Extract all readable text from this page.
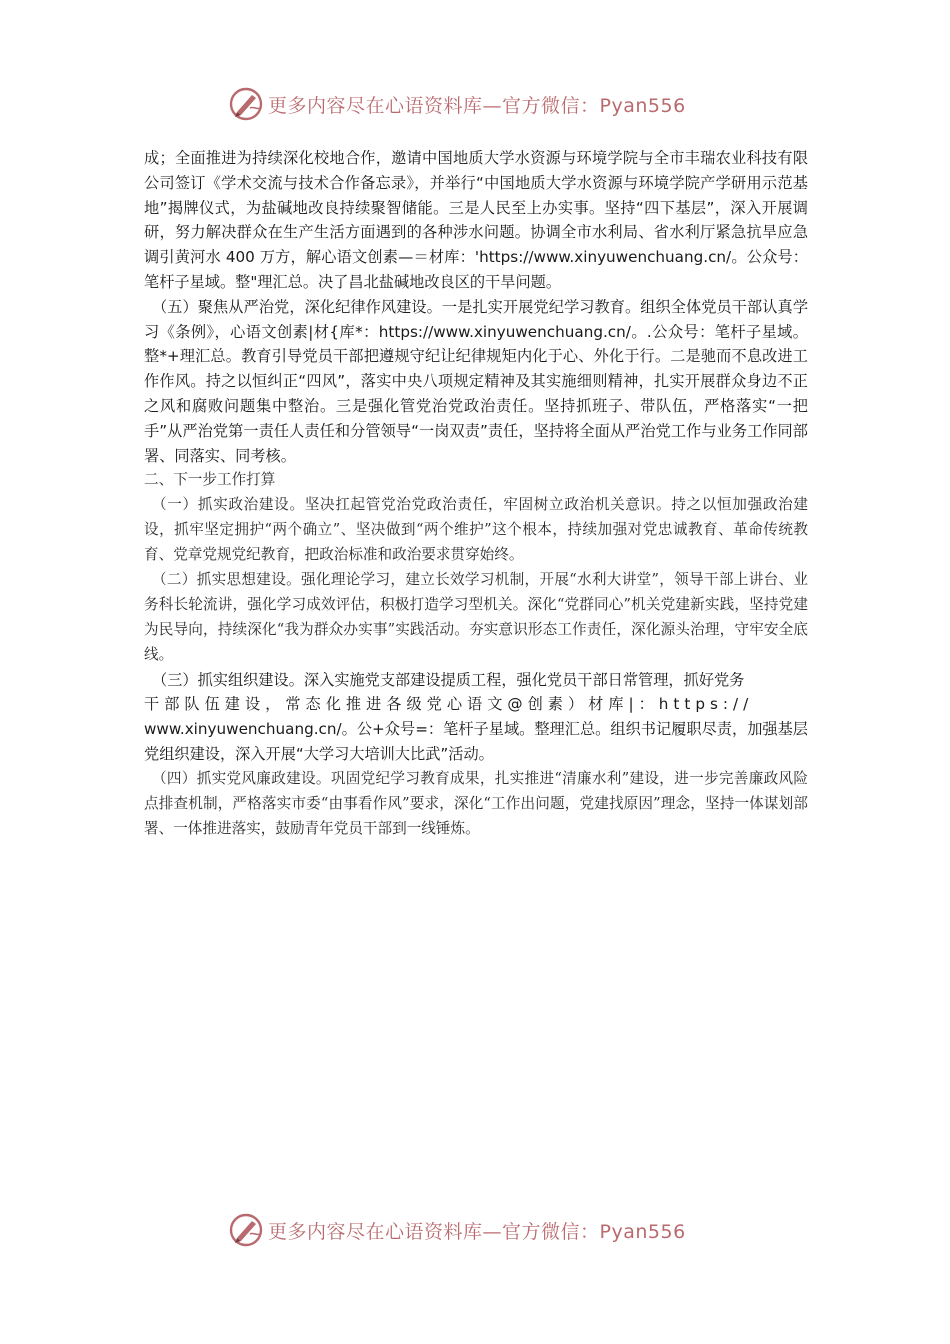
更多内容尽在心语资料库—官方微信：Pyan556

成；全面推进为持续深化校地合作，邀请中国地质大学水资源与环境学院与全市丰瑞农业科技有限公司签订《学术交流与技术合作备忘录》，并举行“中国地质大学水资源与环境学院产学研用示范基地”揭牌仪式，为盐碱地改良持续聚智储能。三是人民至上办实事。坚持“四下基层”，深入开展调研，努力解决群众在生产生活方面遇到的各种涉水问题。协调全市水利局、省水利厅紧急抗旱应急调引黄河水 400 万方，解心语文创素—＝材库：'https://www.xinyuwenchuang.cn/。公众号：笔杆子星域。整"理汇总。决了昌北盐碱地改良区的干旱问题。

（五）聚焦从严治党，深化纪律作风建设。一是扎实开展党纪学习教育。组织全体党员干部认真学习《条例》，心语文创素|材{库*：https://www.xinyuwenchuang.cn/。.公众号：笔杆子星域。整*+理汇总。教育引导党员干部把遵规守纪让纪律规矩内化于心、外化于行。二是驰而不息改进工作作风。持之以恒纠正“四风”，落实中央八项规定精神及其实施细则精神，扎实开展群众身边不正之风和腐败问题集中整治。三是强化管党治党政治责任。坚持抓班子、带队伍，严格落实“一把手”从严治党第一责任人责任和分管领导“一岗双责”责任，坚持将全面从严治党工作与业务工作同部署、同落实、同考核。

二、下一步工作打算

（一）抓实政治建设。坚决扛起管党治党政治责任，牢固树立政治机关意识。持之以恒加强政治建设，抓牢坚定拥护“两个确立”、坚决做到“两个维护”这个根本，持续加强对党忠诚教育、革命传统教育、党章党规党纪教育，把政治标准和政治要求贯穿始终。

（二）抓实思想建设。强化理论学习，建立长效学习机制，开展“水利大讲堂”，领导干部上讲台、业务科长轮流讲，强化学习成效评估，积极打造学习型机关。深化“党群同心”机关党建新实践，坚持党建为民导向，持续深化“我为群众办实事”实践活动。夯实意识形态工作责任，深化源头治理，守牢安全底线。

（三）抓实组织建设。深入实施党支部建设提质工程，强化党员干部日常管理，抓好党务

干部队伍建设，常态化推进各级党心语文@创素）材库|：https://

www.xinyuwenchuang.cn/。公+众号=：笔杆子星域。整理汇总。组织书记履职尽责，加强基层党组织建设，深入开展“大学习大培训大比武”活动。

（四）抓实党风廉政建设。巩固党纪学习教育成果，扎实推进“清廉水利”建设，进一步完善廉政风险点排查机制，严格落实市委“由事看作风”要求，深化“工作出问题，党建找原因”理念，坚持一体谋划部署、一体推进落实，鼓励青年党员干部到一线锤炼。

更多内容尽在心语资料库—官方微信：Pyan556
